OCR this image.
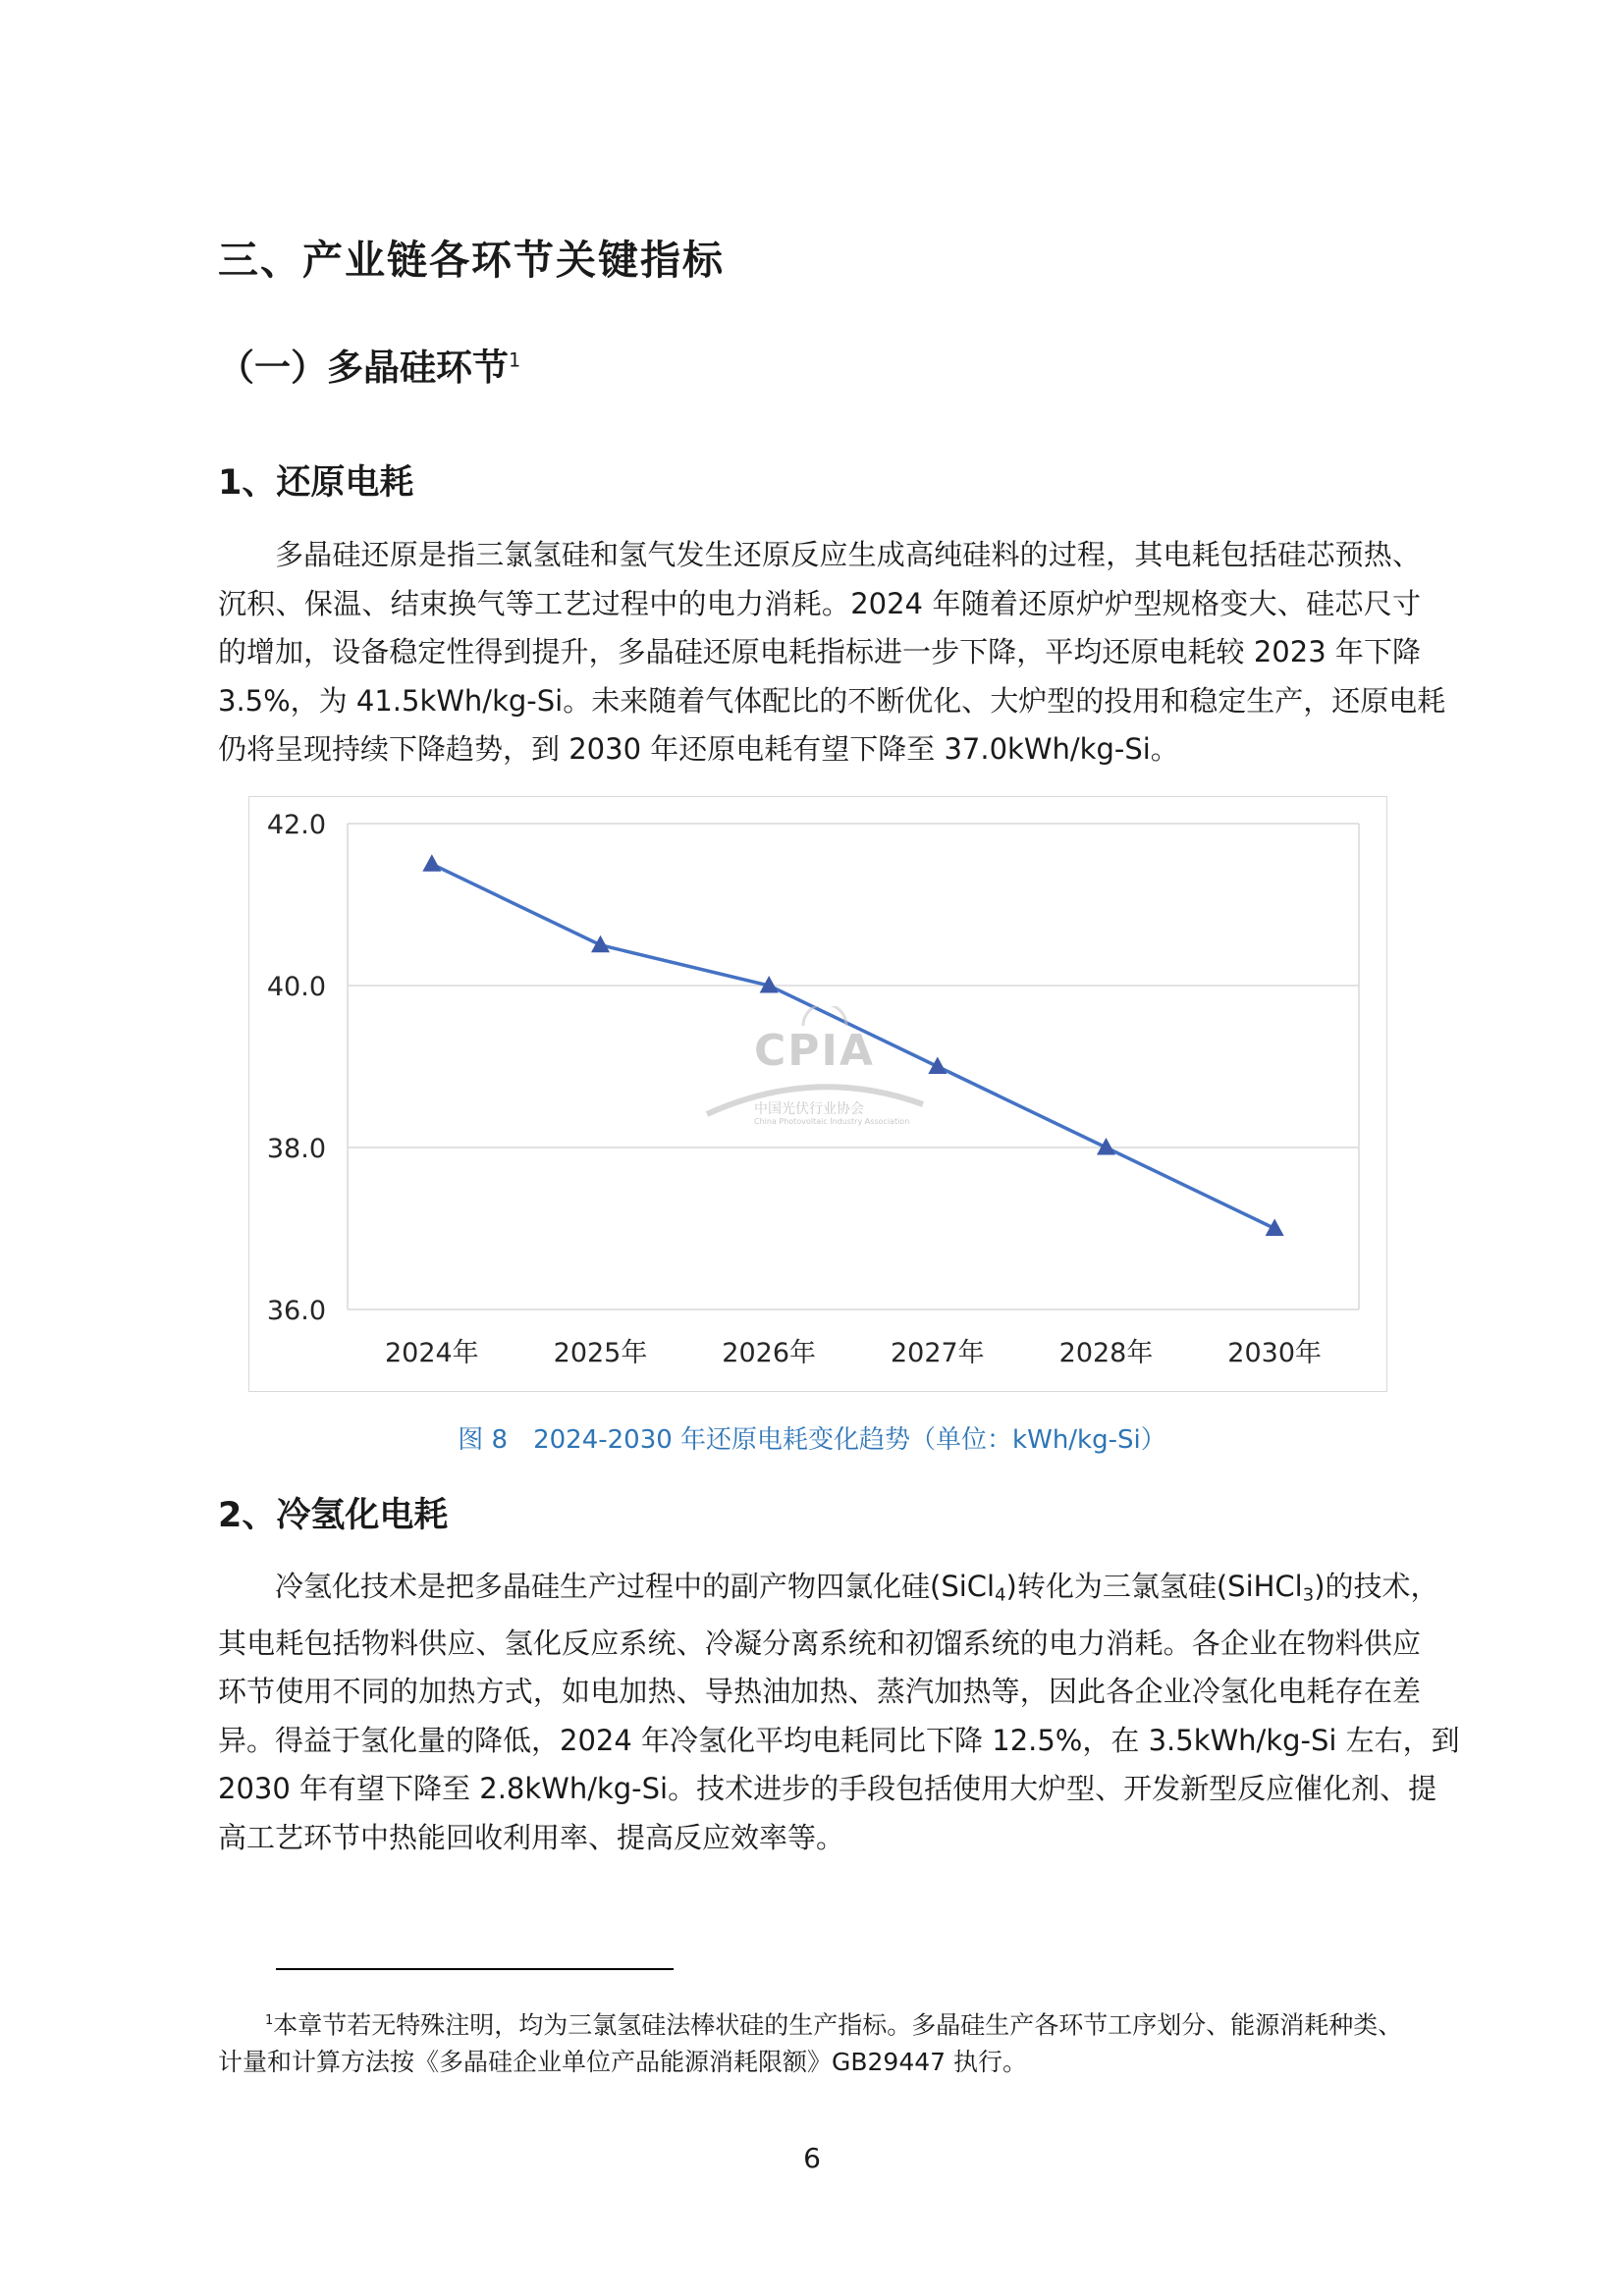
三、产业链各环节关键指标
（一）多晶硅环节$^1$
1、还原电耗

多晶硅还原是指三氯氢硅和氢气发生还原反应生成高纯硅料的过程，其电耗包括硅芯预热、
沉积、保温、结束换气等工艺过程中的电力消耗。2024 年随着还原炉炉型规格变大、硅芯尺寸
的增加，设备稳定性得到提升，多晶硅还原电耗指标进一步下降，平均还原电耗较 2023 年下降
3.5%，为 41.5kWh/kg-Si。未来随着气体配比的不断优化、大炉型的投用和稳定生产，还原电耗
仍将呈现持续下降趋势，到 2030 年还原电耗有望下降至 37.0kWh/kg-Si。

36.0
38.0
40.0
42.0
2024年	2025年	2026年	2027年	2028年	2030年
CPIA
中国光伏行业协会
China Photovoltaic Industry Association

图 8　2024-2030 年还原电耗变化趋势（单位：kWh/kg-Si）

2、冷氢化电耗

冷氢化技术是把多晶硅生产过程中的副产物四氯化硅(SiCl$_4$)转化为三氯氢硅(SiHCl$_3$)的技术，
其电耗包括物料供应、氢化反应系统、冷凝分离系统和初馏系统的电力消耗。各企业在物料供应
环节使用不同的加热方式，如电加热、导热油加热、蒸汽加热等，因此各企业冷氢化电耗存在差
异。得益于氢化量的降低，2024 年冷氢化平均电耗同比下降 12.5%，在 3.5kWh/kg-Si 左右，到
2030 年有望下降至 2.8kWh/kg-Si。技术进步的手段包括使用大炉型、开发新型反应催化剂、提
高工艺环节中热能回收利用率、提高反应效率等。

$^1$本章节若无特殊注明，均为三氯氢硅法棒状硅的生产指标。多晶硅生产各环节工序划分、能源消耗种类、
计量和计算方法按《多晶硅企业单位产品能源消耗限额》GB29447 执行。

6
